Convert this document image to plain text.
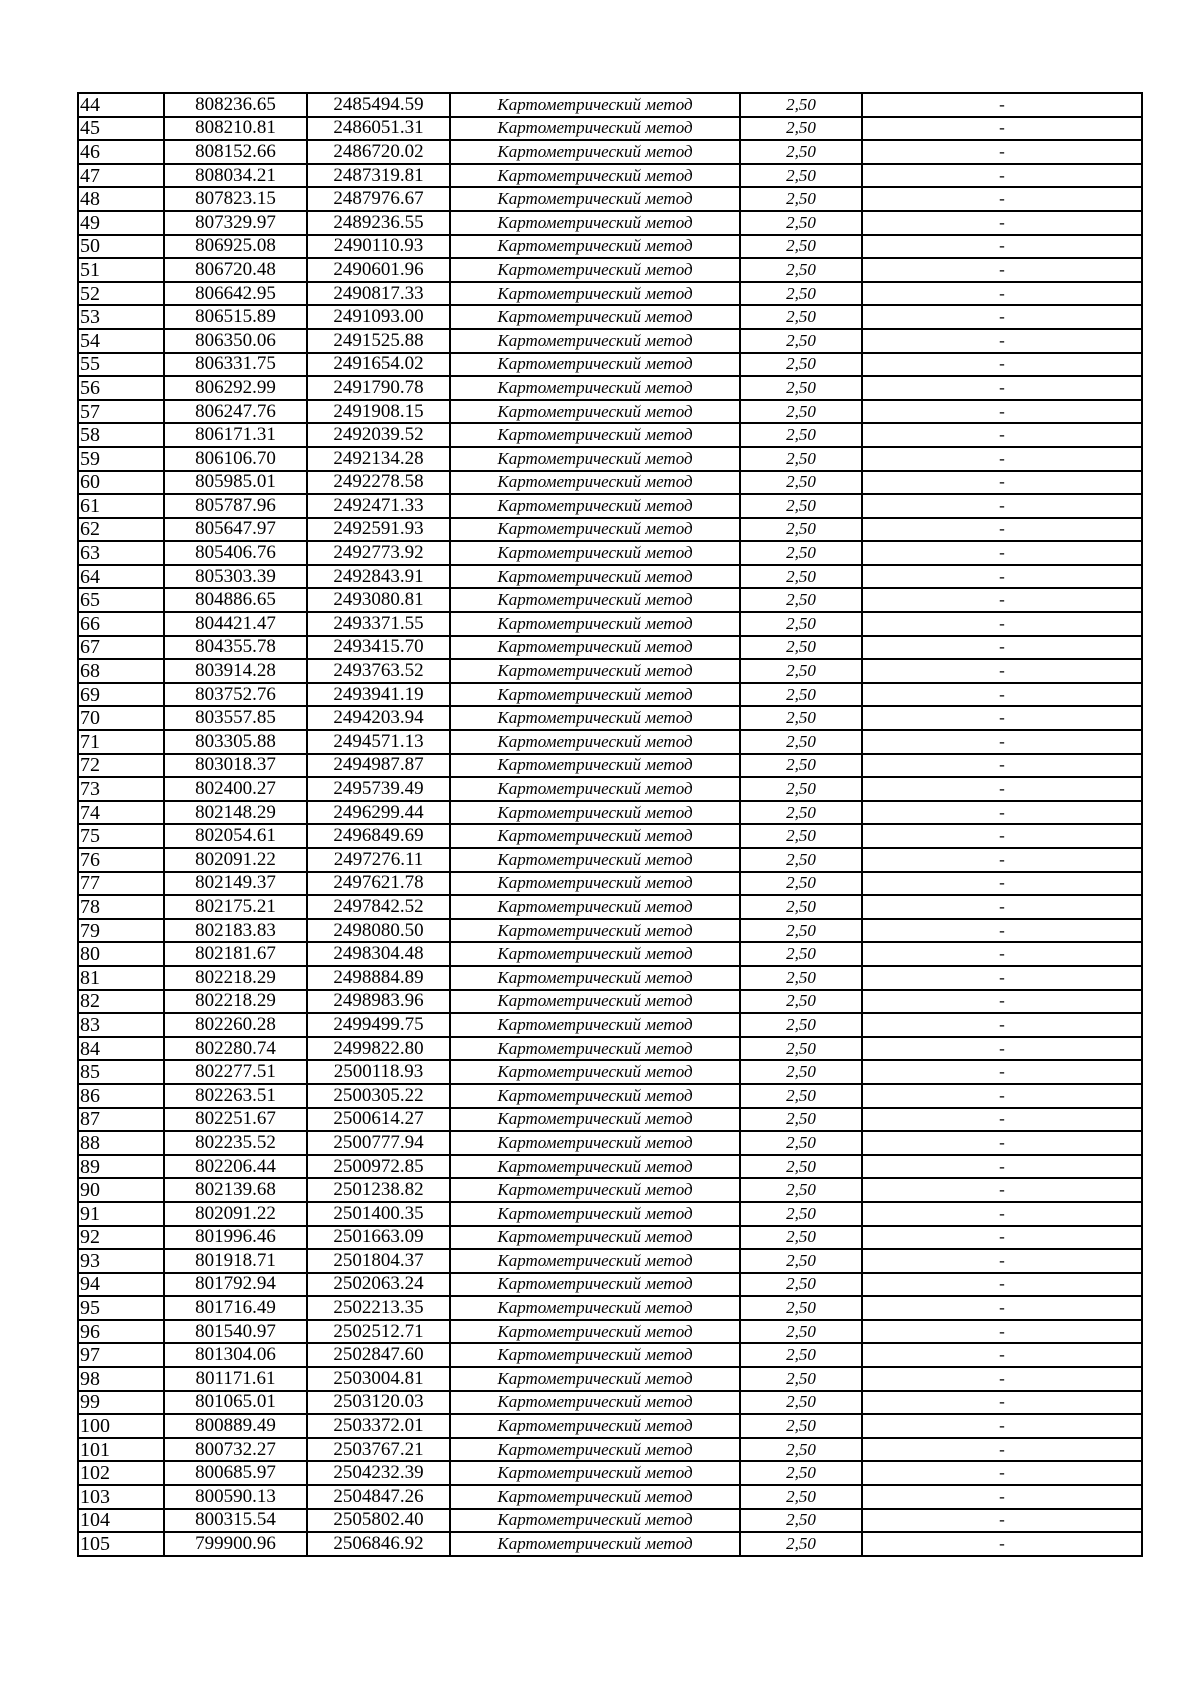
44	808236.65	2485494.59	Картометрический метод	2,50	-
45	808210.81	2486051.31	Картометрический метод	2,50	-
46	808152.66	2486720.02	Картометрический метод	2,50	-
47	808034.21	2487319.81	Картометрический метод	2,50	-
48	807823.15	2487976.67	Картометрический метод	2,50	-
49	807329.97	2489236.55	Картометрический метод	2,50	-
50	806925.08	2490110.93	Картометрический метод	2,50	-
51	806720.48	2490601.96	Картометрический метод	2,50	-
52	806642.95	2490817.33	Картометрический метод	2,50	-
53	806515.89	2491093.00	Картометрический метод	2,50	-
54	806350.06	2491525.88	Картометрический метод	2,50	-
55	806331.75	2491654.02	Картометрический метод	2,50	-
56	806292.99	2491790.78	Картометрический метод	2,50	-
57	806247.76	2491908.15	Картометрический метод	2,50	-
58	806171.31	2492039.52	Картометрический метод	2,50	-
59	806106.70	2492134.28	Картометрический метод	2,50	-
60	805985.01	2492278.58	Картометрический метод	2,50	-
61	805787.96	2492471.33	Картометрический метод	2,50	-
62	805647.97	2492591.93	Картометрический метод	2,50	-
63	805406.76	2492773.92	Картометрический метод	2,50	-
64	805303.39	2492843.91	Картометрический метод	2,50	-
65	804886.65	2493080.81	Картометрический метод	2,50	-
66	804421.47	2493371.55	Картометрический метод	2,50	-
67	804355.78	2493415.70	Картометрический метод	2,50	-
68	803914.28	2493763.52	Картометрический метод	2,50	-
69	803752.76	2493941.19	Картометрический метод	2,50	-
70	803557.85	2494203.94	Картометрический метод	2,50	-
71	803305.88	2494571.13	Картометрический метод	2,50	-
72	803018.37	2494987.87	Картометрический метод	2,50	-
73	802400.27	2495739.49	Картометрический метод	2,50	-
74	802148.29	2496299.44	Картометрический метод	2,50	-
75	802054.61	2496849.69	Картометрический метод	2,50	-
76	802091.22	2497276.11	Картометрический метод	2,50	-
77	802149.37	2497621.78	Картометрический метод	2,50	-
78	802175.21	2497842.52	Картометрический метод	2,50	-
79	802183.83	2498080.50	Картометрический метод	2,50	-
80	802181.67	2498304.48	Картометрический метод	2,50	-
81	802218.29	2498884.89	Картометрический метод	2,50	-
82	802218.29	2498983.96	Картометрический метод	2,50	-
83	802260.28	2499499.75	Картометрический метод	2,50	-
84	802280.74	2499822.80	Картометрический метод	2,50	-
85	802277.51	2500118.93	Картометрический метод	2,50	-
86	802263.51	2500305.22	Картометрический метод	2,50	-
87	802251.67	2500614.27	Картометрический метод	2,50	-
88	802235.52	2500777.94	Картометрический метод	2,50	-
89	802206.44	2500972.85	Картометрический метод	2,50	-
90	802139.68	2501238.82	Картометрический метод	2,50	-
91	802091.22	2501400.35	Картометрический метод	2,50	-
92	801996.46	2501663.09	Картометрический метод	2,50	-
93	801918.71	2501804.37	Картометрический метод	2,50	-
94	801792.94	2502063.24	Картометрический метод	2,50	-
95	801716.49	2502213.35	Картометрический метод	2,50	-
96	801540.97	2502512.71	Картометрический метод	2,50	-
97	801304.06	2502847.60	Картометрический метод	2,50	-
98	801171.61	2503004.81	Картометрический метод	2,50	-
99	801065.01	2503120.03	Картометрический метод	2,50	-
100	800889.49	2503372.01	Картометрический метод	2,50	-
101	800732.27	2503767.21	Картометрический метод	2,50	-
102	800685.97	2504232.39	Картометрический метод	2,50	-
103	800590.13	2504847.26	Картометрический метод	2,50	-
104	800315.54	2505802.40	Картометрический метод	2,50	-
105	799900.96	2506846.92	Картометрический метод	2,50	-
